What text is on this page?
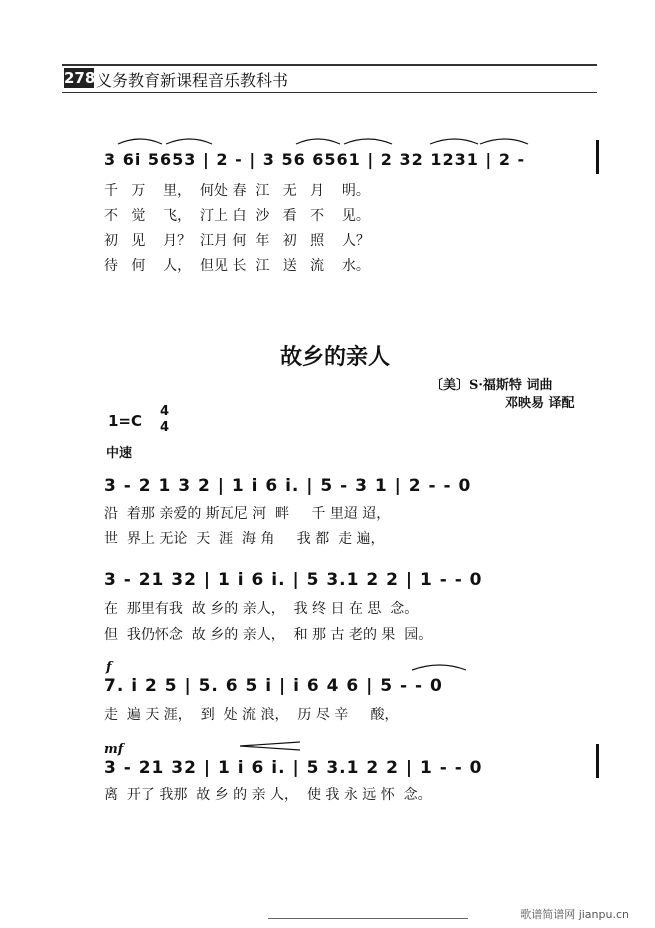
278 义务教育新课程音乐教科书
3 6i 5653 | 2 - | 3 56 6561 | 2 32 1231 | 2 -
千   万    里，  何处 春  江   无   月    明。
不   觉    飞，  汀上 白  沙   看   不    见。
初   见    月？  江月 何  年   初   照    人？
待   何    人，  但见 长  江   送   流    水。
故乡的亲人
〔美〕S·福斯特 词曲
邓映易 译配
1=C
4
4
中速
3 - 2 1 3 2 | 1 i 6 i. | 5 - 3 1 | 2 - - 0
沿  着那 亲爱的 斯瓦尼 河  畔     千 里迢 迢，
世  界上 无论  天  涯  海 角     我 都  走 遍，
3 - 21 32 | 1 i 6 i. | 5 3.1 2 2 | 1 - - 0
在  那里有我  故 乡的 亲人，  我 终 日 在 思  念。
但  我仍怀念  故 乡的 亲人，  和 那 古 老的 果  园。
f
7. i 2 5 | 5. 6 5 i | i 6 4 6 | 5 - - 0
走  遍 天 涯，  到  处 流 浪，  历 尽 辛     酸，
mf
3 - 21 32 | 1 i 6 i. | 5 3.1 2 2 | 1 - - 0
离  开了 我那  故 乡 的 亲 人，  使 我 永 远 怀  念。
歌谱简谱网 jianpu.cn
